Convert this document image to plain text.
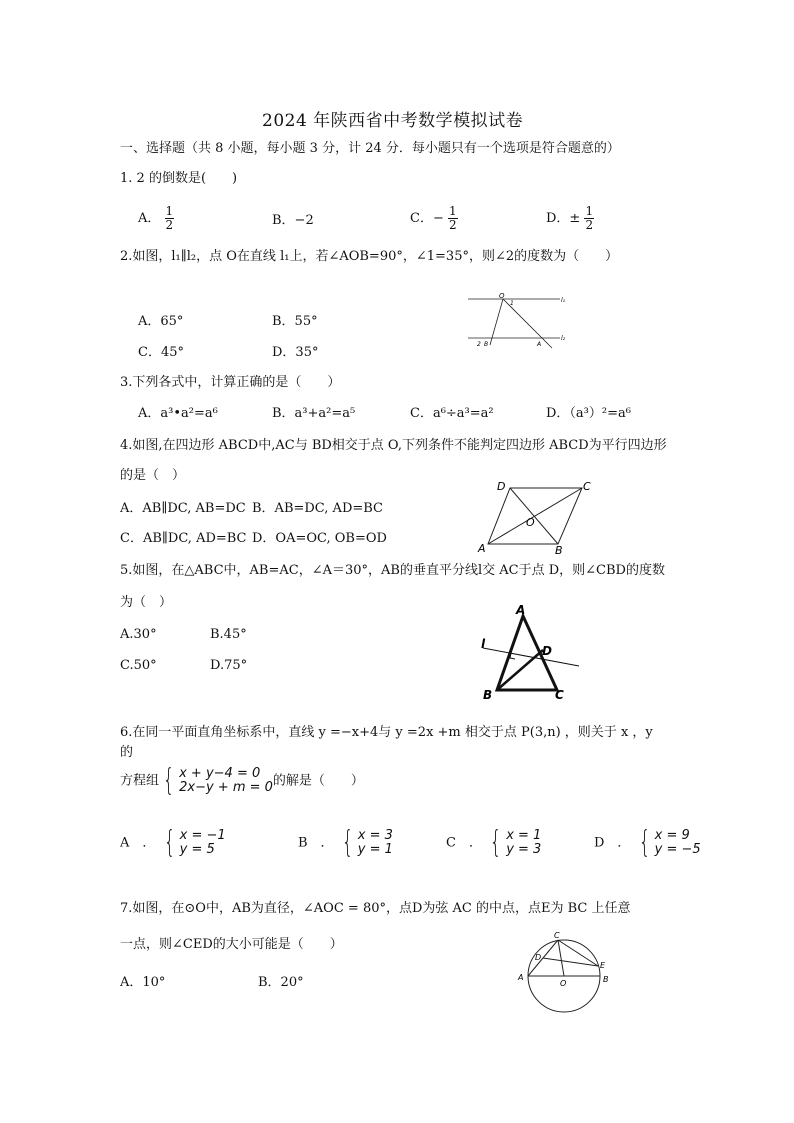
2024 年陕西省中考数学模拟试卷
一、选择题（共 8 小题，每小题 3 分，计 24 分．每小题只有一个选项是符合题意的）
1. 2 的倒数是(　　)
A． $\frac{1}{2}$	B．−2	C．− $\frac{1}{2}$	D．± $\frac{1}{2}$
2.如图，l₁∥l₂，点 O在直线 l₁上，若∠AOB=90°，∠1=35°，则∠2的度数为（　　）
A．65°	B．55°
C．45°	D．35°
O
1	l₁
l₂
2 B	A
3.下列各式中，计算正确的是（　　）
A．a³•a²=a⁶	B．a³+a²=a⁵	C．a⁶÷a³=a²	D．（a³）²=a⁶
4.如图,在四边形 ABCD中,AC与 BD相交于点 O,下列条件不能判定四边形 ABCD为平行四边形
的是（　）
A．AB∥DC, AB=DC B．AB=DC, AD=BC
C．AB∥DC, AD=BC D．OA=OC, OB=OD
D	C
O
A	B
5.如图，在△ABC中，AB=AC，∠A＝30°，AB的垂直平分线l交 AC于点 D，则∠CBD的度数
为（　）
A.30°	B.45°
C.50°	D.75°
A
l	D
B	C
6.在同一平面直角坐标系中，直线 y =−x+4与 y =2x +m 相交于点 P(3,n) ，则关于 x ，y
的
方程组 { x + y−4 = 0
2x−y + m = 0 的解是（　　）
A　． { x = −1
y = 5	B　． { x = 3
y = 1	C　． { x = 1
y = 3	D　． { x = 9
y = −5
7.如图，在⊙O中，AB为直径，∠AOC = 80°，点D为弦 AC 的中点，点E为 BC 上任意
一点，则∠CED的大小可能是（　　）
A．10°	B．20°
C
D
E
A
O	B
